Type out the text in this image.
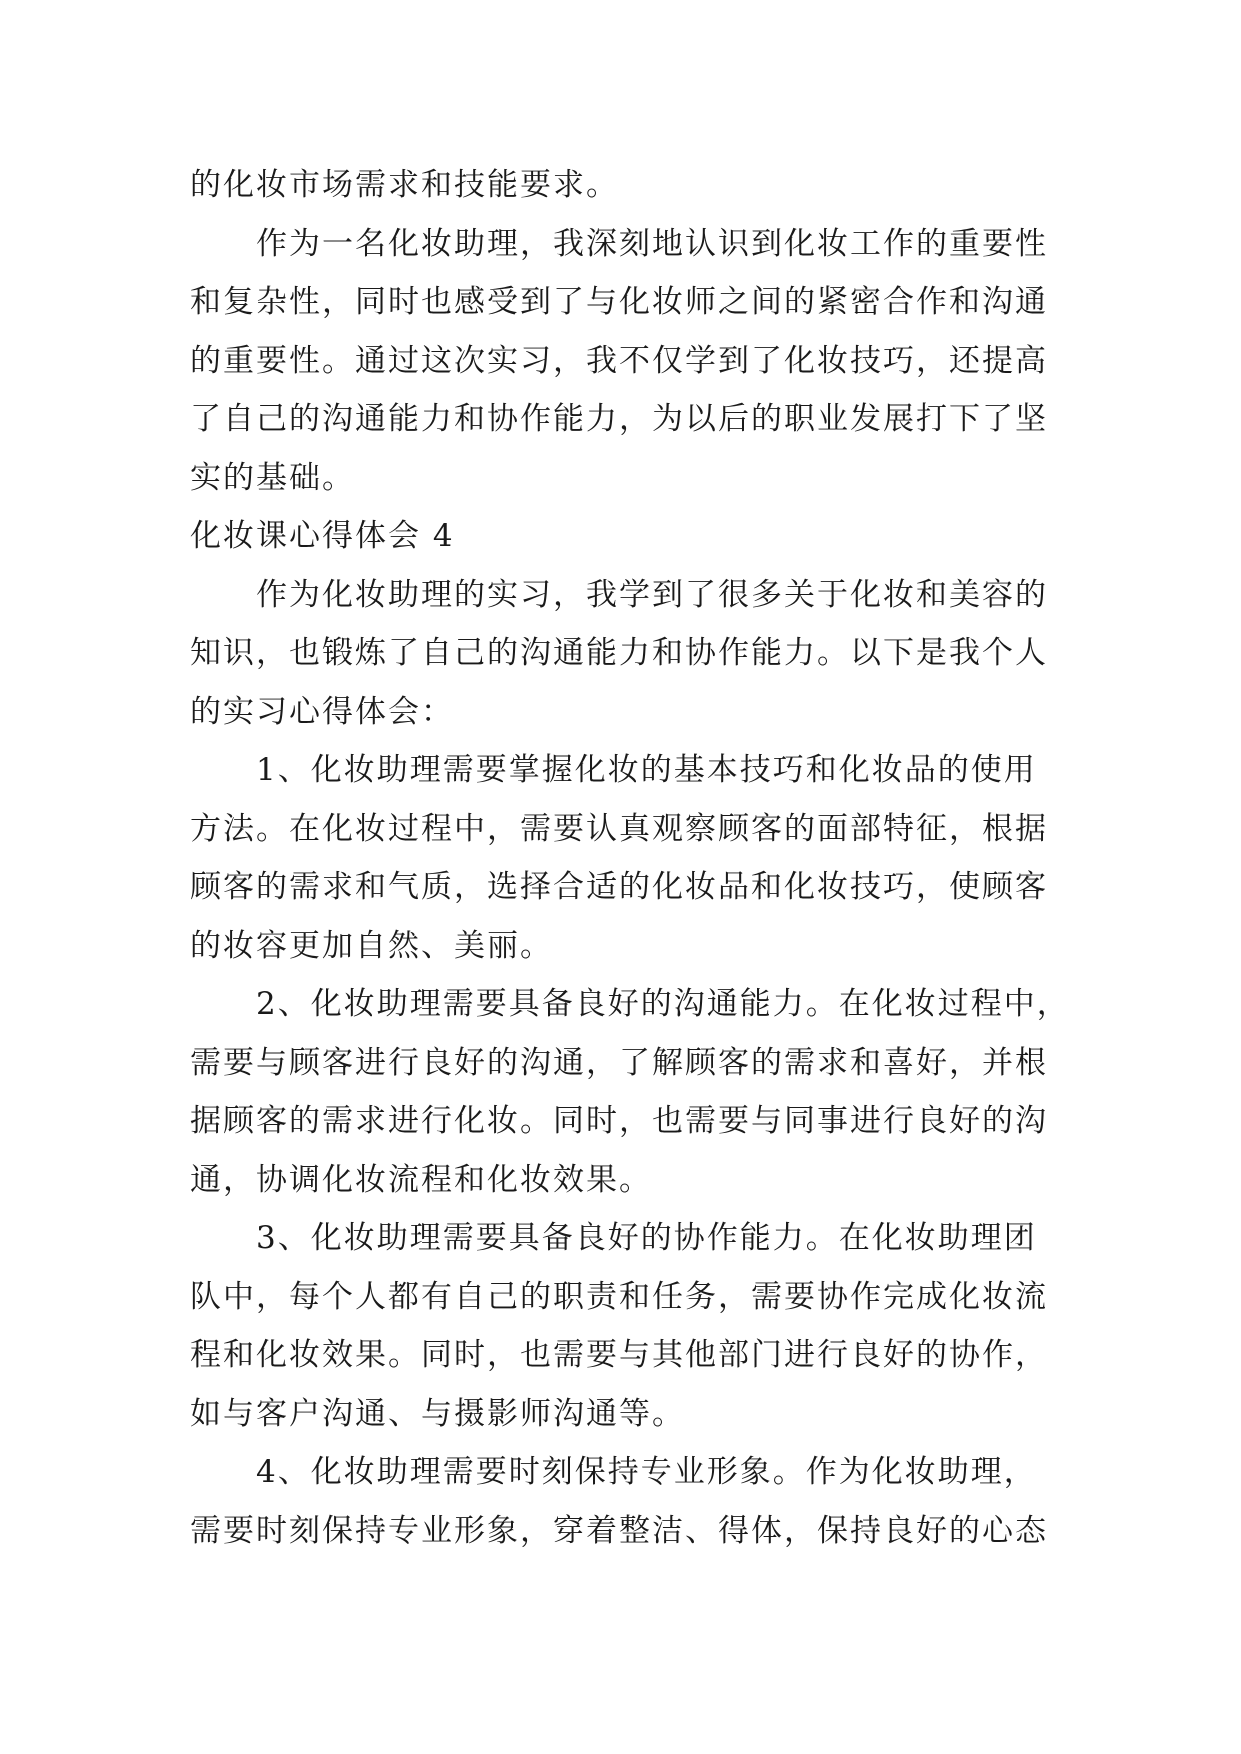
的化妆市场需求和技能要求。
作为一名化妆助理，我深刻地认识到化妆工作的重要性
和复杂性，同时也感受到了与化妆师之间的紧密合作和沟通
的重要性。通过这次实习，我不仅学到了化妆技巧，还提高
了自己的沟通能力和协作能力，为以后的职业发展打下了坚
实的基础。
化妆课心得体会 4
作为化妆助理的实习，我学到了很多关于化妆和美容的
知识，也锻炼了自己的沟通能力和协作能力。以下是我个人
的实习心得体会：
1、化妆助理需要掌握化妆的基本技巧和化妆品的使用
方法。在化妆过程中，需要认真观察顾客的面部特征，根据
顾客的需求和气质，选择合适的化妆品和化妆技巧，使顾客
的妆容更加自然、美丽。
2、化妆助理需要具备良好的沟通能力。在化妆过程中，
需要与顾客进行良好的沟通，了解顾客的需求和喜好，并根
据顾客的需求进行化妆。同时，也需要与同事进行良好的沟
通，协调化妆流程和化妆效果。
3、化妆助理需要具备良好的协作能力。在化妆助理团
队中，每个人都有自己的职责和任务，需要协作完成化妆流
程和化妆效果。同时，也需要与其他部门进行良好的协作，
如与客户沟通、与摄影师沟通等。
4、化妆助理需要时刻保持专业形象。作为化妆助理，
需要时刻保持专业形象，穿着整洁、得体，保持良好的心态
